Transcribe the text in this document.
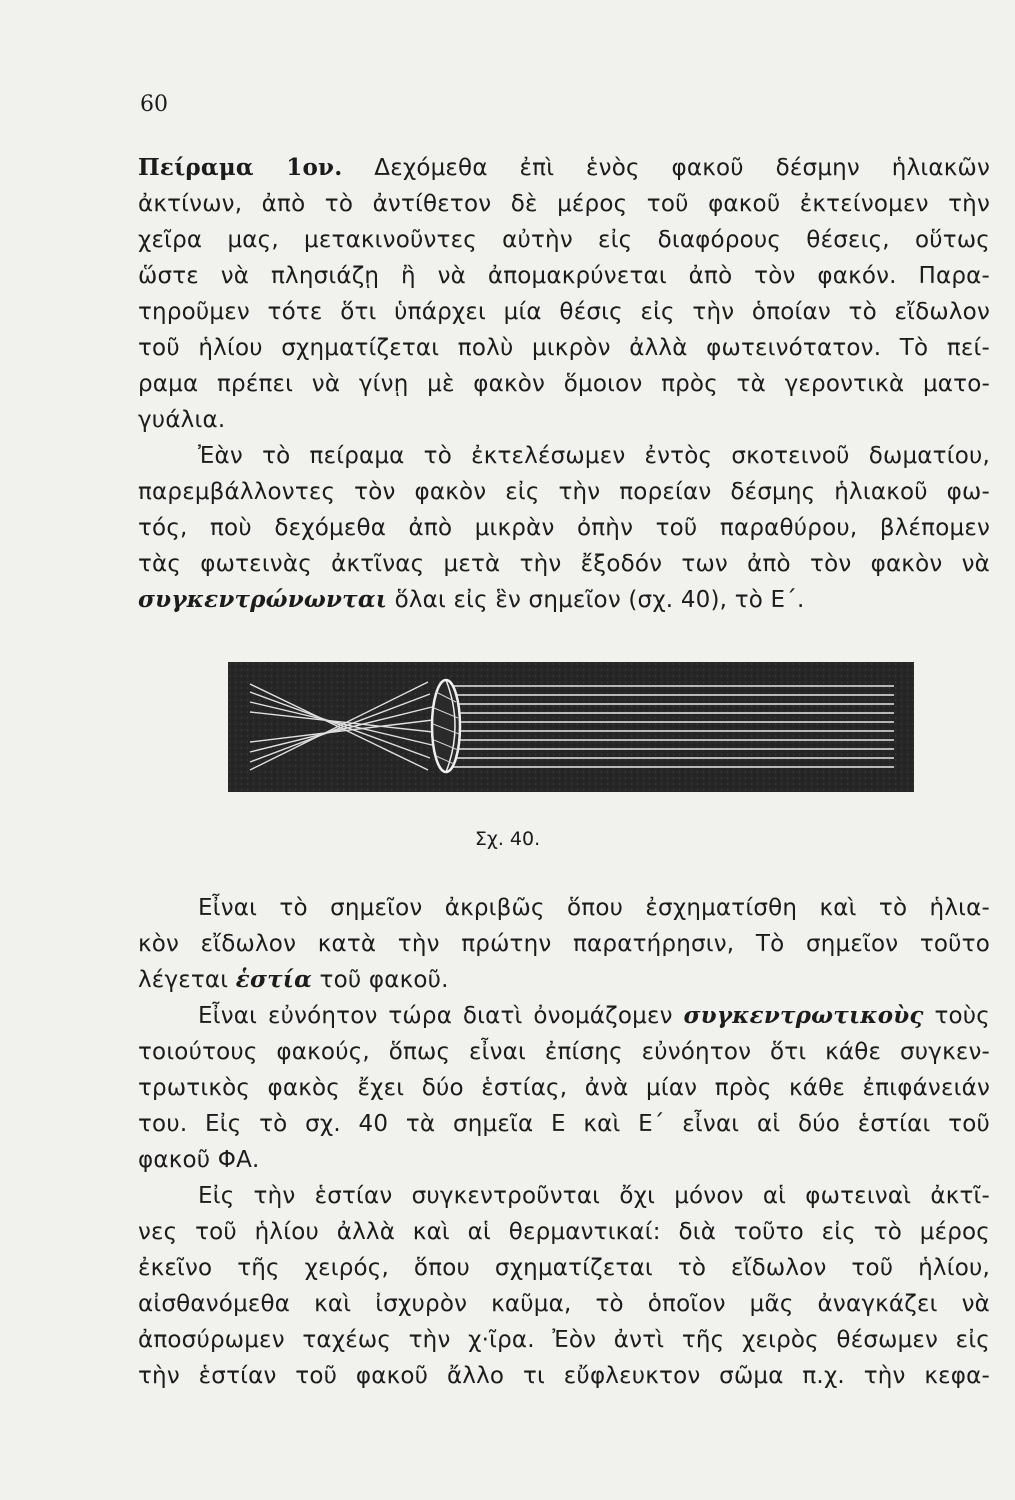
60
Πείραμα 1ον. Δεχόμεθα ἐπὶ ἑνὸς φακοῦ δέσμην ἡλιακῶν
ἀκτίνων, ἀπὸ τὸ ἀντίθετον δὲ μέρος τοῦ φακοῦ ἐκτείνομεν τὴν
χεῖρα μας, μετακινοῦντες αὐτὴν εἰς διαφόρους θέσεις, οὕτως
ὥστε νὰ πλησιάζῃ ἢ νὰ ἀπομακρύνεται ἀπὸ τὸν φακόν. Παρα-
τηροῦμεν τότε ὅτι ὑπάρχει μία θέσις εἰς τὴν ὁποίαν τὸ εἴδωλον
τοῦ ἡλίου σχηματίζεται πολὺ μικρὸν ἀλλὰ φωτεινότατον. Τὸ πεί-
ραμα πρέπει νὰ γίνῃ μὲ φακὸν ὅμοιον πρὸς τὰ γεροντικὰ ματο-
γυάλια.
Ἐὰν τὸ πείραμα τὸ ἐκτελέσωμεν ἐντὸς σκοτεινοῦ δωματίου,
παρεμβάλλοντες τὸν φακὸν εἰς τὴν πορείαν δέσμης ἡλιακοῦ φω-
τός, ποὺ δεχόμεθα ἀπὸ μικρὰν ὀπὴν τοῦ παραθύρου, βλέπομεν
τὰς φωτεινὰς ἀκτῖνας μετὰ τὴν ἔξοδόν των ἀπὸ τὸν φακὸν νὰ
συγκεντρώνωνται ὅλαι εἰς ἓν σημεῖον (σχ. 40), τὸ Ε΄.
Σχ. 40.
Εἶναι τὸ σημεῖον ἀκριβῶς ὅπου ἐσχηματίσθη καὶ τὸ ἡλια-
κὸν εἴδωλον κατὰ τὴν πρώτην παρατήρησιν, Τὸ σημεῖον τοῦτο
λέγεται ἑστία τοῦ φακοῦ.
Εἶναι εὐνόητον τώρα διατὶ ὀνομάζομεν συγκεντρωτικοὺς τοὺς
τοιούτους φακούς, ὅπως εἶναι ἐπίσης εὐνόητον ὅτι κάθε συγκεν-
τρωτικὸς φακὸς ἔχει δύο ἑστίας, ἀνὰ μίαν πρὸς κάθε ἐπιφάνειάν
του. Εἰς τὸ σχ. 40 τὰ σημεῖα Ε καὶ Ε΄ εἶναι αἱ δύο ἑστίαι τοῦ
φακοῦ ΦΑ.
Εἰς τὴν ἑστίαν συγκεντροῦνται ὄχι μόνον αἱ φωτειναὶ ἀκτῖ-
νες τοῦ ἡλίου ἀλλὰ καὶ αἱ θερμαντικαί: διὰ τοῦτο εἰς τὸ μέρος
ἐκεῖνο τῆς χειρός, ὅπου σχηματίζεται τὸ εἴδωλον τοῦ ἡλίου,
αἰσθανόμεθα καὶ ἰσχυρὸν καῦμα, τὸ ὁποῖον μᾶς ἀναγκάζει νὰ
ἀποσύρωμεν ταχέως τὴν χ·ῖρα. Ἐὸν ἀντὶ τῆς χειρὸς θέσωμεν εἰς
τὴν ἑστίαν τοῦ φακοῦ ἄλλο τι εὔφλευκτον σῶμα π.χ. τὴν κεφα-
